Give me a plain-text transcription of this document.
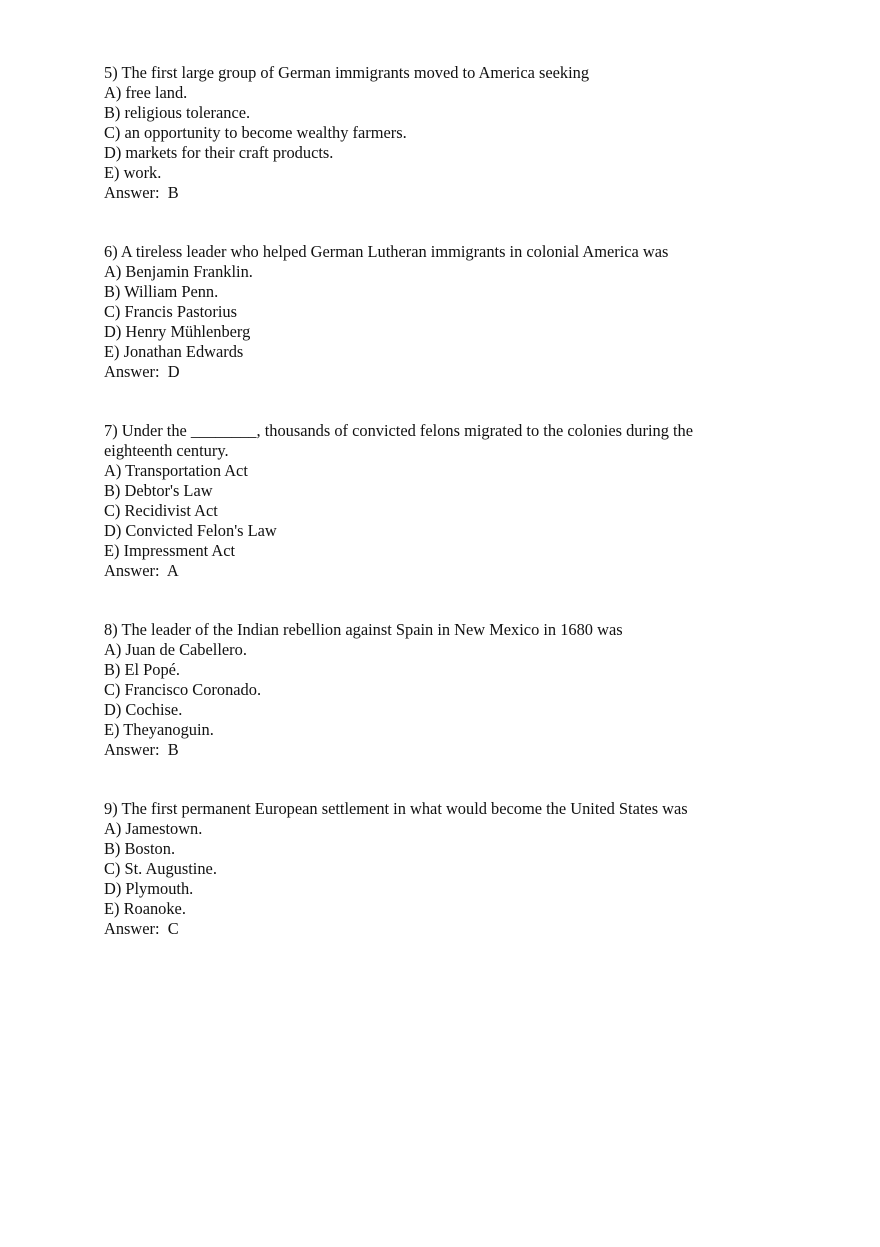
5) The first large group of German immigrants moved to America seeking
A) free land.
B) religious tolerance.
C) an opportunity to become wealthy farmers.
D) markets for their craft products.
E) work.
Answer:  B
6) A tireless leader who helped German Lutheran immigrants in colonial America was
A) Benjamin Franklin.
B) William Penn.
C) Francis Pastorius
D) Henry Mühlenberg
E) Jonathan Edwards
Answer:  D
7) Under the ________, thousands of convicted felons migrated to the colonies during the
eighteenth century.
A) Transportation Act
B) Debtor's Law
C) Recidivist Act
D) Convicted Felon's Law
E) Impressment Act
Answer:  A
8) The leader of the Indian rebellion against Spain in New Mexico in 1680 was
A) Juan de Cabellero.
B) El Popé.
C) Francisco Coronado.
D) Cochise.
E) Theyanoguin.
Answer:  B
9) The first permanent European settlement in what would become the United States was
A) Jamestown.
B) Boston.
C) St. Augustine.
D) Plymouth.
E) Roanoke.
Answer:  C
